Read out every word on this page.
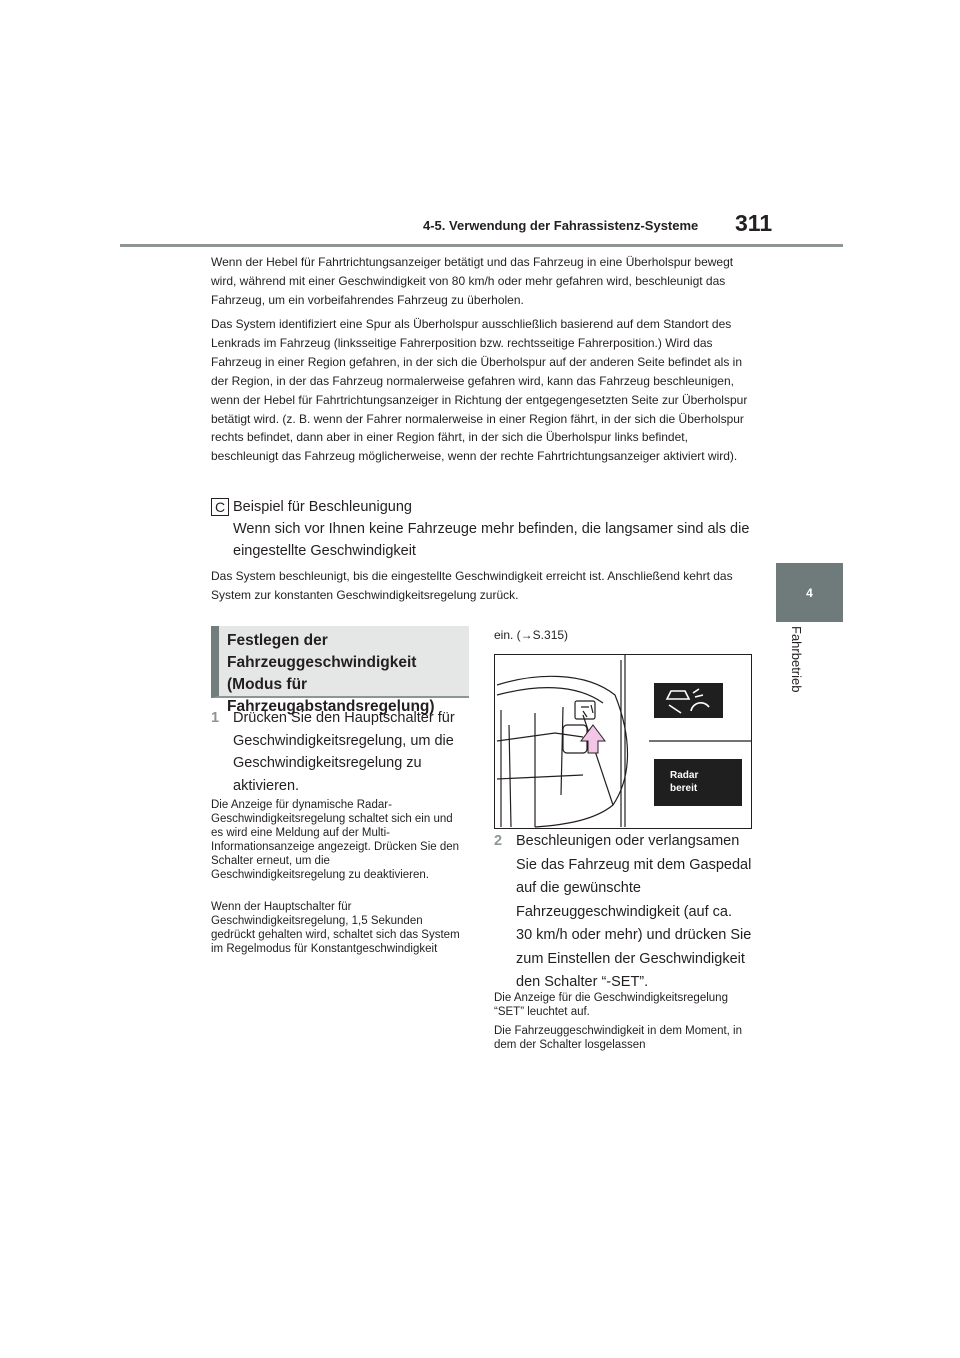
4-5. Verwendung der Fahrassistenz-Systeme 311
4
Fahrbetrieb

Wenn der Hebel für Fahrtrichtungsanzeiger betätigt und das Fahrzeug in eine Überholspur bewegt wird, während mit einer Geschwindigkeit von 80 km/h oder mehr gefahren wird, beschleunigt das Fahrzeug, um ein vorbeifahrendes Fahrzeug zu überholen.

Das System identifiziert eine Spur als Überholspur ausschließlich basierend auf dem Standort des Lenkrads im Fahrzeug (linksseitige Fahrerposition bzw. rechtsseitige Fahrerposition.) Wird das Fahrzeug in einer Region gefahren, in der sich die Überholspur auf der anderen Seite befindet als in der Region, in der das Fahrzeug normalerweise gefahren wird, kann das Fahrzeug beschleunigen, wenn der Hebel für Fahrtrichtungsanzeiger in Richtung der entgegengesetzten Seite zur Überholspur betätigt wird. (z. B. wenn der Fahrer normalerweise in einer Region fährt, in der sich die Überholspur rechts befindet, dann aber in einer Region fährt, in der sich die Überholspur links befindet, beschleunigt das Fahrzeug möglicherweise, wenn der rechte Fahrtrichtungsanzeiger aktiviert wird).

C Beispiel für Beschleunigung
Wenn sich vor Ihnen keine Fahrzeuge mehr befinden, die langsamer sind als die eingestellte Geschwindigkeit

Das System beschleunigt, bis die eingestellte Geschwindigkeit erreicht ist. Anschließend kehrt das System zur konstanten Geschwindigkeitsregelung zurück.

Festlegen der Fahrzeuggeschwindigkeit (Modus für Fahrzeugabstandsregelung)
1 Drücken Sie den Hauptschalter für Geschwindigkeitsregelung, um die Geschwindigkeitsregelung zu aktivieren.

Die Anzeige für dynamische Radar-Geschwindigkeitsregelung schaltet sich ein und es wird eine Meldung auf der Multi-Informationsanzeige angezeigt. Drücken Sie den Schalter erneut, um die Geschwindigkeitsregelung zu deaktivieren.

Wenn der Hauptschalter für Geschwindigkeitsregelung, 1,5 Sekunden gedrückt gehalten wird, schaltet sich das System im Regelmodus für Konstantgeschwindigkeit

ein. (→S.315)
Radar
bereit
2 Beschleunigen oder verlangsamen Sie das Fahrzeug mit dem Gaspedal auf die gewünschte Fahrzeuggeschwindigkeit (auf ca. 30 km/h oder mehr) und drücken Sie zum Einstellen der Geschwindigkeit den Schalter “-SET”.

Die Anzeige für die Geschwindigkeitsregelung “SET” leuchtet auf.

Die Fahrzeuggeschwindigkeit in dem Moment, in dem der Schalter losgelassen
